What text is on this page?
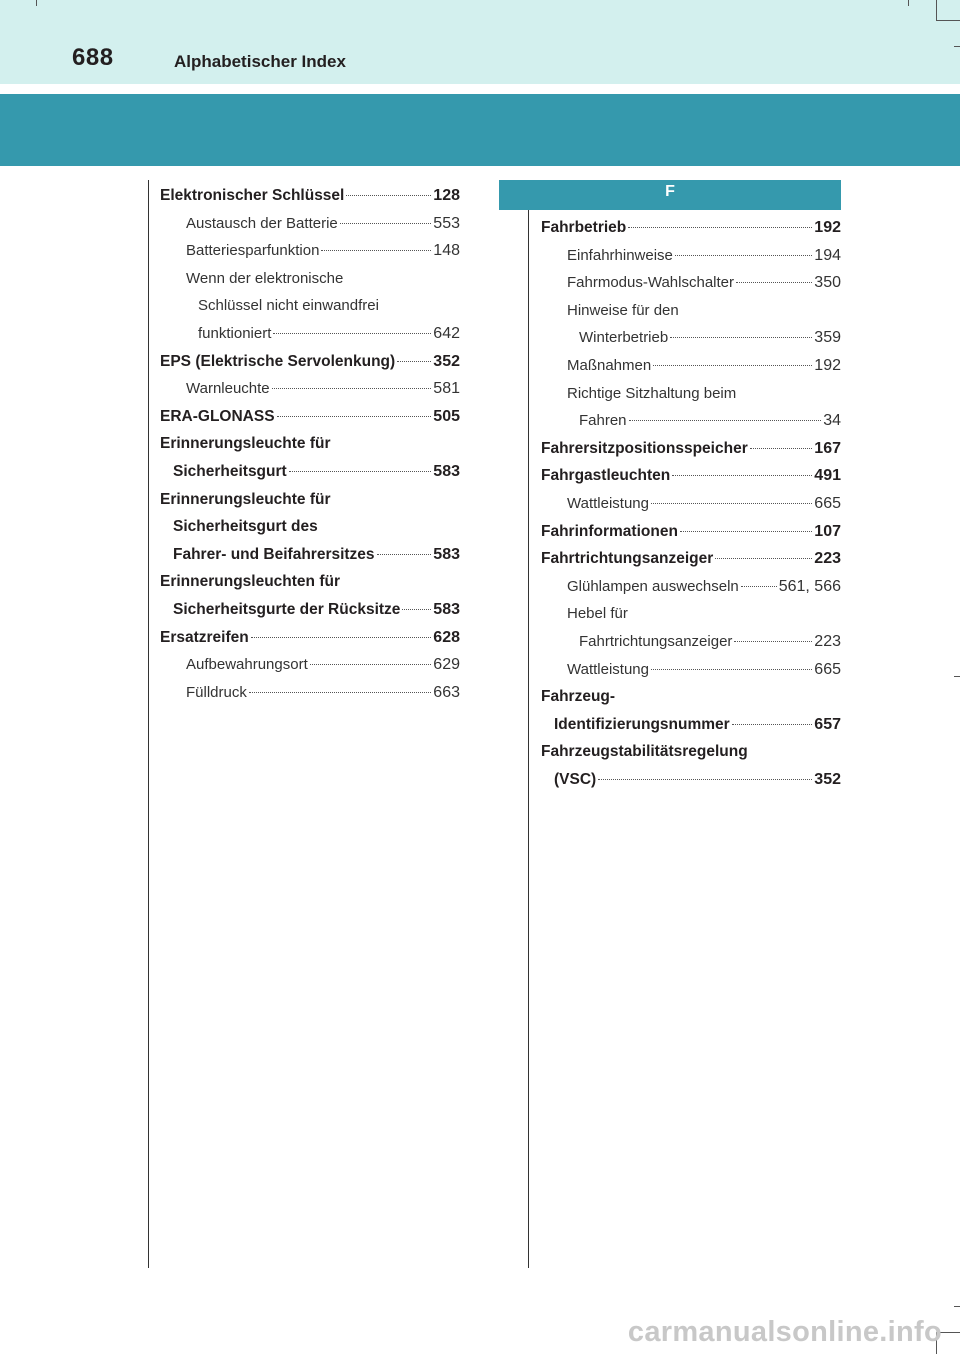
688	Alphabetischer Index
F
Elektronischer Schlüssel	128
Austausch der Batterie	553
Batteriesparfunktion	148
Wenn der elektronische
Schlüssel nicht einwandfrei
funktioniert	642
EPS (Elektrische Servolenkung) 352
Warnleuchte	581
ERA-GLONASS	505
Erinnerungsleuchte für
Sicherheitsgurt	583
Erinnerungsleuchte für
Sicherheitsgurt des
Fahrer- und Beifahrersitzes	583
Erinnerungsleuchten für
Sicherheitsgurte der Rücksitze 583
Ersatzreifen	628
Aufbewahrungsort	629
Fülldruck	663
Fahrbetrieb	192
Einfahrhinweise	194
Fahrmodus-Wahlschalter	350
Hinweise für den
Winterbetrieb	359
Maßnahmen	192
Richtige Sitzhaltung beim
Fahren	34
Fahrersitzpositionsspeicher	167
Fahrgastleuchten	491
Wattleistung	665
Fahrinformationen	107
Fahrtrichtungsanzeiger	223
Glühlampen auswechseln 561, 566
Hebel für
Fahrtrichtungsanzeiger	223
Wattleistung	665
Fahrzeug-
Identifizierungsnummer	657
Fahrzeugstabilitätsregelung
(VSC)	352
carmanualsonline.info
